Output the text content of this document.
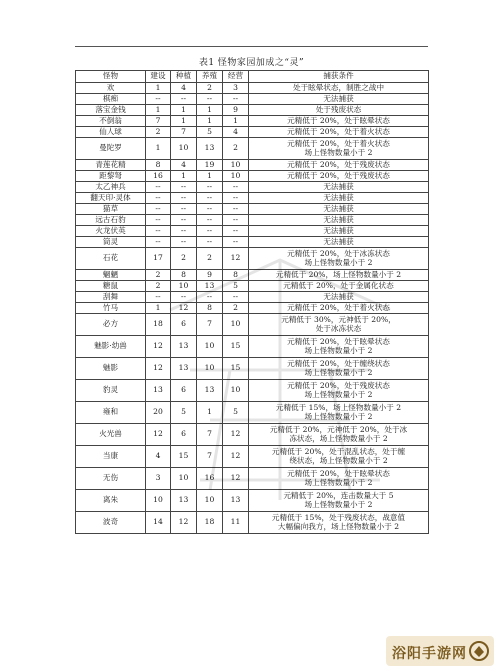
表1 怪物家园加成之“灵”
怪物	建设	种植	养殖	经营	捕获条件
欢	1	4	2	3	处于眩晕状态，制胜之战中
棋痴	--	--	--	--	无法捕获
落宝金钱	1	1	1	9	处于残废状态
不倒翁	7	1	1	1	元精低于 20%，处于眩晕状态
仙人球	2	7	5	4	元精低于 20%，处于着火状态
曼陀罗	1	10	13	2	元精低于 20%，处于着火状态
场上怪物数量小于 2
青莲花精	8	4	19	10	元精低于 20%，处于残废状态
距黎弩	16	1	1	10	元精低于 20%，处于残废状态
太乙神兵	--	--	--	--	无法捕获
翻天印·灵体	--	--	--	--	无法捕获
猫草	--	--	--	--	无法捕获
远古石豹	--	--	--	--	无法捕获
火龙伏英	--	--	--	--	无法捕获
筒灵	--	--	--	--	无法捕获
石花	17	2	2	12	元精低于 20%，处于冰冻状态
场上怪物数量小于 2
魍魉	2	8	9	8	元精低于 20%，场上怪物数量小于 2
糖鼠	2	10	13	5	元精低于 20%，处于金属化状态
刮舞	--	--	--	--	无法捕获
竹马	1	12	8	2	元精低于 20%，处于着火状态
必方	18	6	7	10	元精低于 30%，元神低于 20%，
处于冰冻状态
魅影·幼兽	12	13	10	15	元精低于 20%，处于眩晕状态
场上怪物数量小于 2
魅影	12	13	10	15	元精低于 20%，处于缠绕状态
场上怪物数量小于 2
豹灵	13	6	13	10	元精低于 20%，处于残废状态
场上怪物数量小于 2
雍和	20	5	1	5	元精低于 15%，场上怪物数量小于 2
场上怪物数量小于 2
火光兽	12	6	7	12	元精低于 20%，元神低于 20%，处于冰
冻状态，场上怪物数量小于 2
当康	4	15	7	12	元精低于 20%，处于混乱状态，处于缠
绕状态，场上怪物数量小于 2
无伤	3	10	16	12	元精低于 20%，处于眩晕状态
场上怪物数量小于 2
离朱	10	13	10	13	元精低于 20%，连击数量大于 5
场上怪物数量小于 2
波奇	14	12	18	11	元精低于 15%，处于残废状态，战意值
大幅偏向我方，场上怪物数量小于 2
浴阳手游网
